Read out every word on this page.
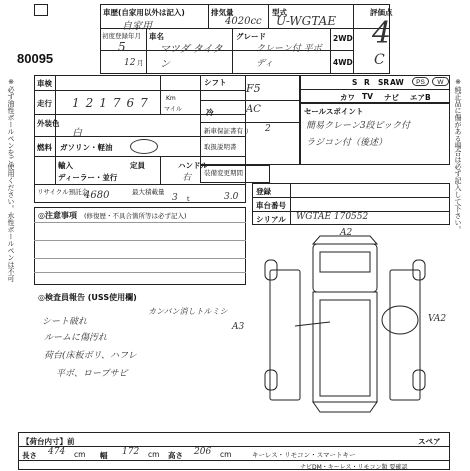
※必ず油性ボールペンをご使用ください。水性ボールペンは不可	※純正品に傷がある場合は必ず記入して下さい。
80095
車歴(自家用以外は記入)
自家用
排気量
4020cc
型式
U-WGTAE
初度登録年月
5
12 月
車名
マツダ タイタン
グレード
クレーン付 平ボディ
2WD
4WD
評価点
4
C
車検
走行 121767 Km
マイル
外装色
白
燃料 ガソリン・軽油
輸入
ディーラー・並行
定員	ハンドル
右
リサイクル預託金
4680	最大積載量
3 t	3.0
シフト F5
冷	AC
新車保証書有り
取扱説明書
2
S R SR AW	PS	W
カワ TV ナビ エアB
セールスポイント
簡易クレーン3段ピック付
ラジコン付（後述）
装備変更期間
登録
車台番号
シリアル WGTAE 170552
◎注意事項 (修復歴・不具合箇所等は必ず記入)
◎検査員報告 (USS使用欄)
シート破れ
ルームに傷汚れ
荷台(床板ボリ、ハフレ
平ボ、ロープサビ
カンバン消しトルミシ
A2
A3
VA2
【荷台内寸】前
長さ 474 cm 幅 172 cm 高さ 206 cm	キーレス・リモコン・スマートキー
スペア
ナビDM・キーレス・リモコン類 要確認
